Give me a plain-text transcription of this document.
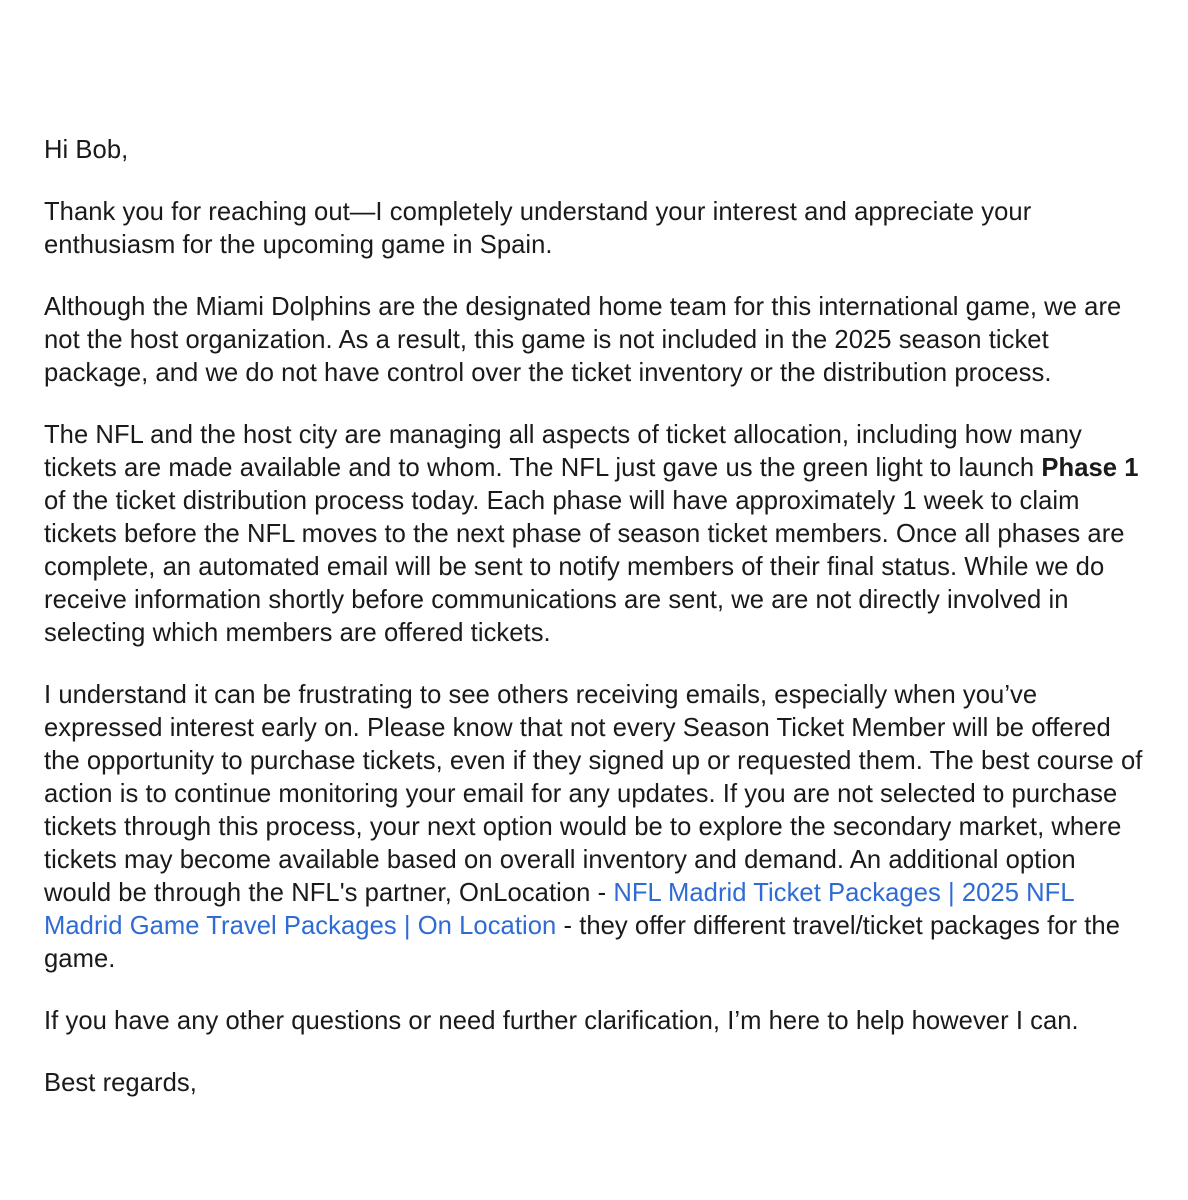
Hi Bob,

Thank you for reaching out—I completely understand your interest and appreciate your enthusiasm for the upcoming game in Spain.

Although the Miami Dolphins are the designated home team for this international game, we are not the host organization. As a result, this game is not included in the 2025 season ticket package, and we do not have control over the ticket inventory or the distribution process.

The NFL and the host city are managing all aspects of ticket allocation, including how many tickets are made available and to whom. The NFL just gave us the green light to launch Phase 1 of the ticket distribution process today. Each phase will have approximately 1 week to claim tickets before the NFL moves to the next phase of season ticket members. Once all phases are complete, an automated email will be sent to notify members of their final status. While we do receive information shortly before communications are sent, we are not directly involved in selecting which members are offered tickets.

I understand it can be frustrating to see others receiving emails, especially when you’ve expressed interest early on. Please know that not every Season Ticket Member will be offered the opportunity to purchase tickets, even if they signed up or requested them. The best course of action is to continue monitoring your email for any updates. If you are not selected to purchase tickets through this process, your next option would be to explore the secondary market, where tickets may become available based on overall inventory and demand. An additional option would be through the NFL's partner, OnLocation - NFL Madrid Ticket Packages | 2025 NFL Madrid Game Travel Packages | On Location - they offer different travel/ticket packages for the game.

If you have any other questions or need further clarification, I’m here to help however I can.

Best regards,
